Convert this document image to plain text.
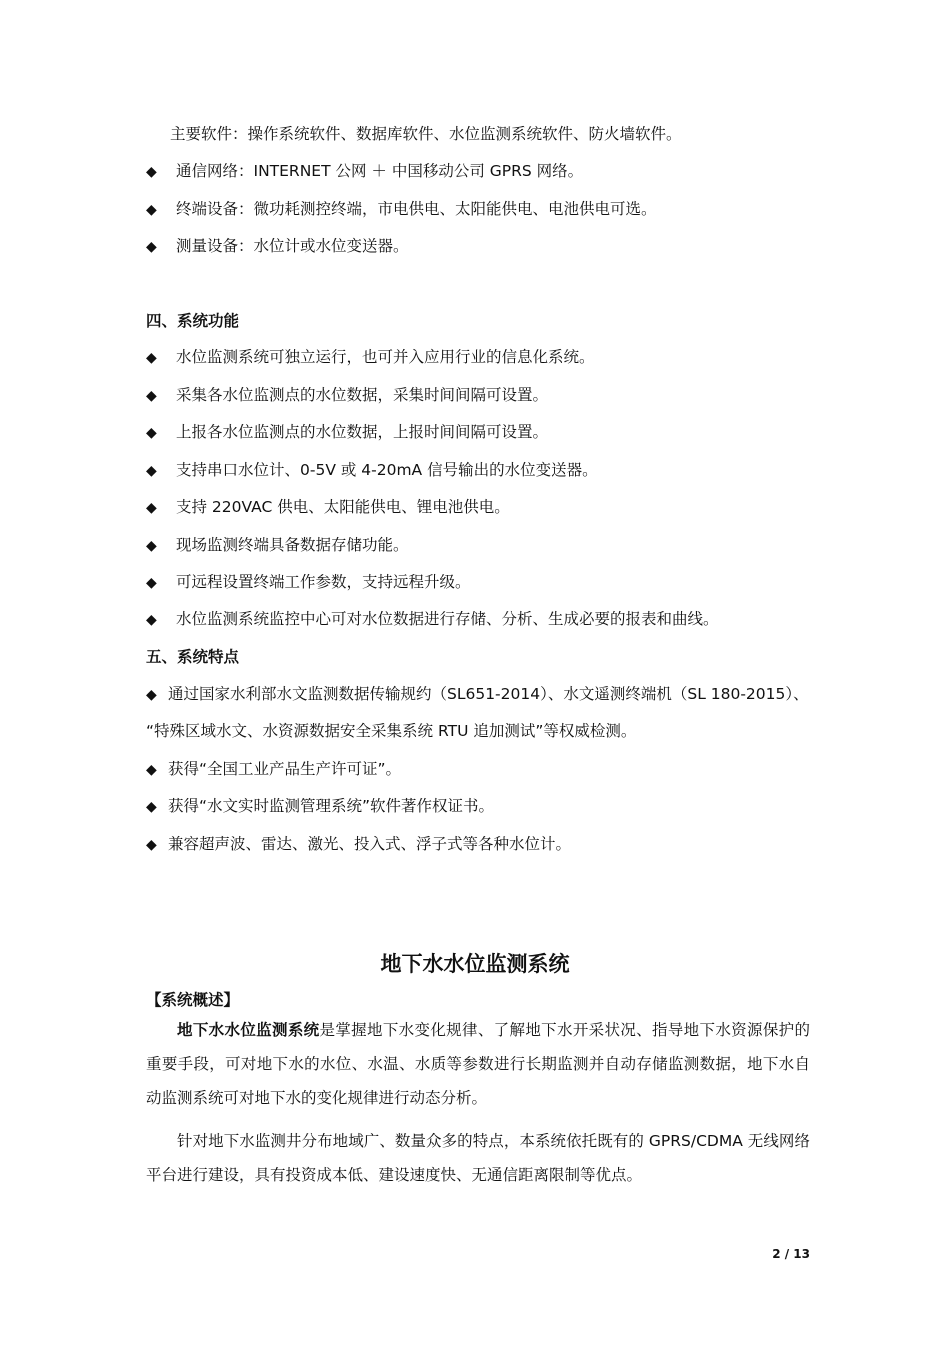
主要软件：操作系统软件、数据库软件、水位监测系统软件、防火墙软件。
◆ 通信网络：INTERNET 公网 ＋ 中国移动公司 GPRS 网络。
◆ 终端设备：微功耗测控终端，市电供电、太阳能供电、电池供电可选。
◆ 测量设备：水位计或水位变送器。
四、系统功能
◆ 水位监测系统可独立运行，也可并入应用行业的信息化系统。
◆ 采集各水位监测点的水位数据，采集时间间隔可设置。
◆ 上报各水位监测点的水位数据，上报时间间隔可设置。
◆ 支持串口水位计、0-5V 或 4-20mA 信号输出的水位变送器。
◆ 支持 220VAC 供电、太阳能供电、锂电池供电。
◆ 现场监测终端具备数据存储功能。
◆ 可远程设置终端工作参数，支持远程升级。
◆ 水位监测系统监控中心可对水位数据进行存储、分析、生成必要的报表和曲线。
五、系统特点
◆ 通过国家水利部水文监测数据传输规约（SL651-2014）、水文遥测终端机（SL 180-2015）、
“特殊区域水文、水资源数据安全采集系统 RTU 追加测试”等权威检测。
◆ 获得“全国工业产品生产许可证”。
◆ 获得“水文实时监测管理系统”软件著作权证书。
◆ 兼容超声波、雷达、激光、投入式、浮子式等各种水位计。
地下水水位监测系统
【系统概述】
地下水水位监测系统是掌握地下水变化规律、了解地下水开采状况、指导地下水资源保护的重要手段，可对地下水的水位、水温、水质等参数进行长期监测并自动存储监测数据，地下水自动监测系统可对地下水的变化规律进行动态分析。
针对地下水监测井分布地域广、数量众多的特点，本系统依托既有的 GPRS/CDMA 无线网络平台进行建设，具有投资成本低、建设速度快、无通信距离限制等优点。
2 / 13
